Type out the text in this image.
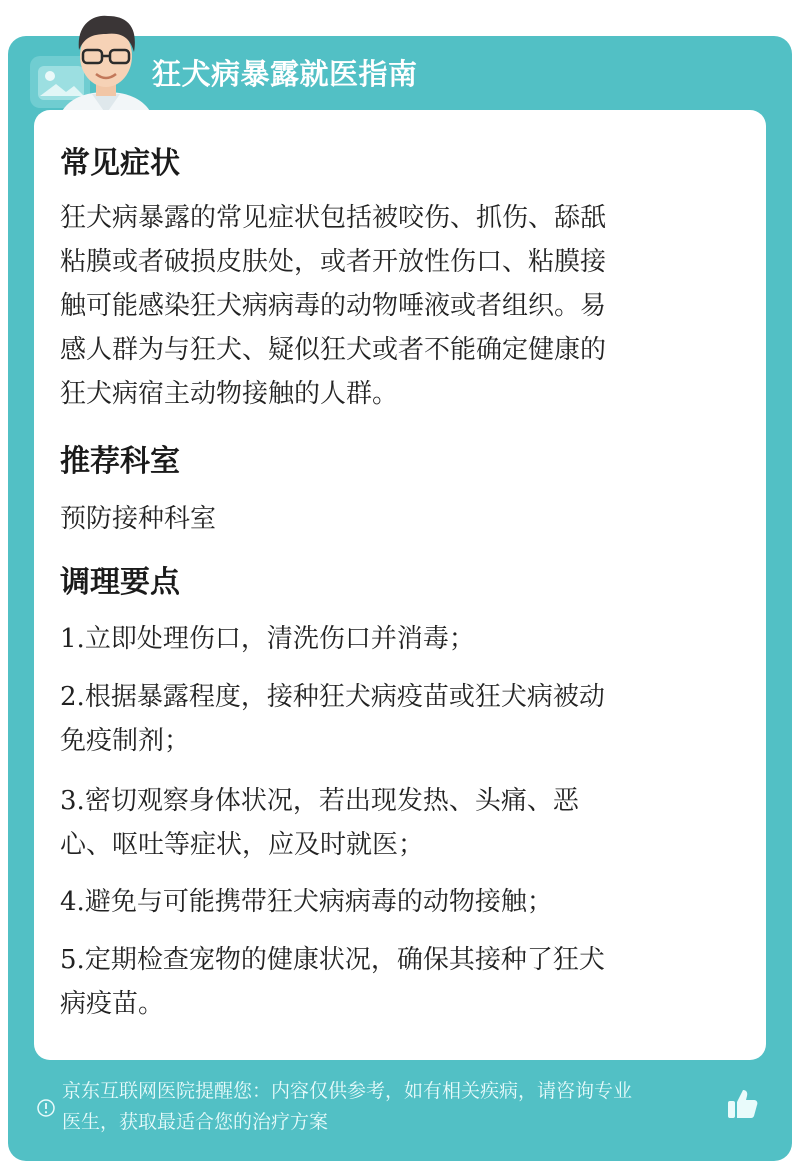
狂犬病暴露就医指南
常见症状
狂犬病暴露的常见症状包括被咬伤、抓伤、舔舐
粘膜或者破损皮肤处，或者开放性伤口、粘膜接
触可能感染狂犬病病毒的动物唾液或者组织。易
感人群为与狂犬、疑似狂犬或者不能确定健康的
狂犬病宿主动物接触的人群。
推荐科室
预防接种科室
调理要点
1.立即处理伤口，清洗伤口并消毒；
2.根据暴露程度，接种狂犬病疫苗或狂犬病被动
免疫制剂；
3.密切观察身体状况，若出现发热、头痛、恶
心、呕吐等症状，应及时就医；
4.避免与可能携带狂犬病病毒的动物接触；
5.定期检查宠物的健康状况，确保其接种了狂犬
病疫苗。
京东互联网医院提醒您：内容仅供参考，如有相关疾病，请咨询专业
医生，获取最适合您的治疗方案
